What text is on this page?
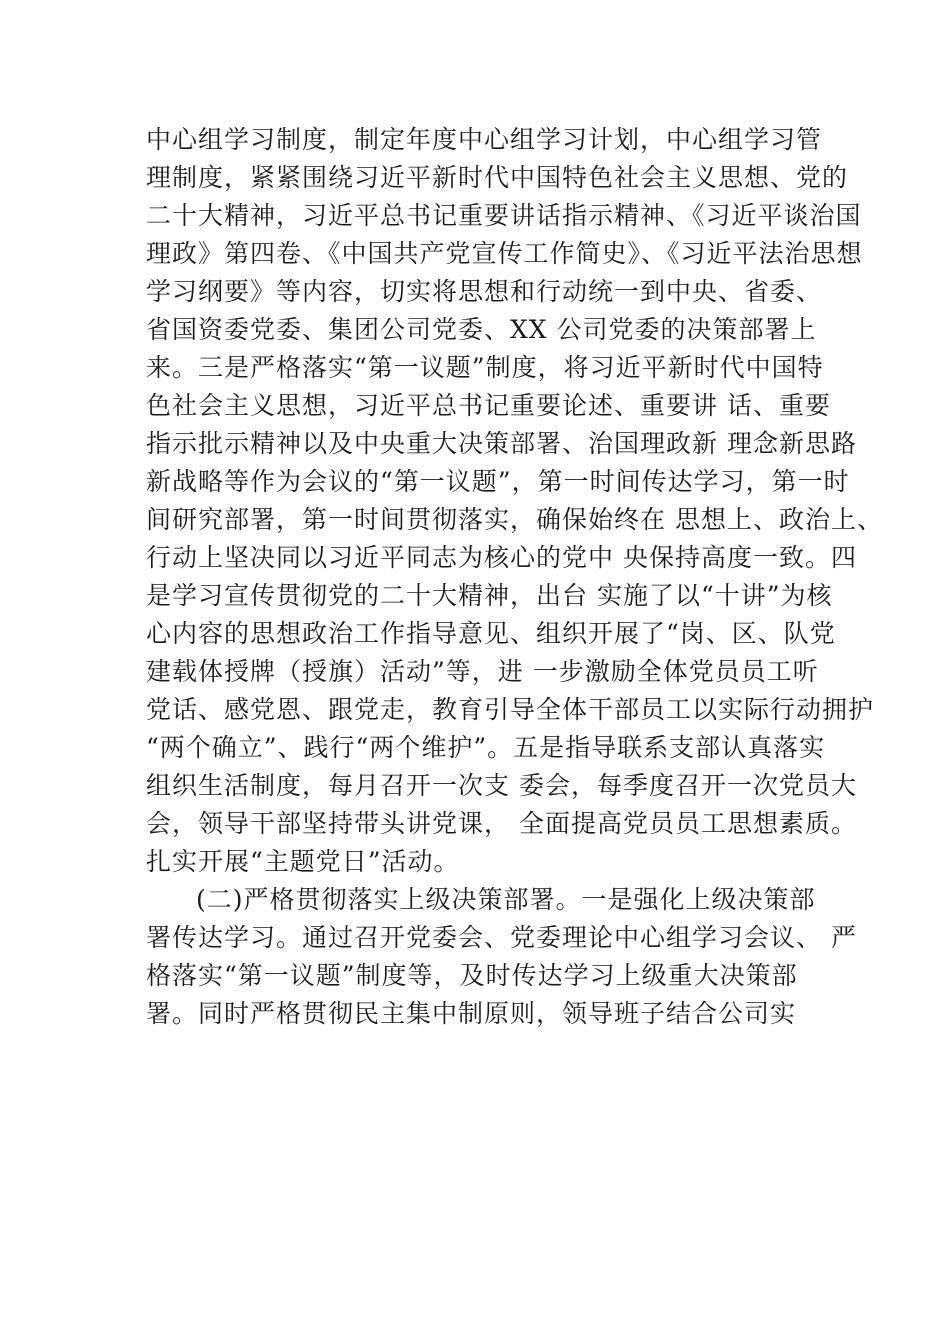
中心组学习制度，制定年度中心组学习计划，中心组学习管
理制度，紧紧围绕习近平新时代中国特色社会主义思想、党的
二十大精神，习近平总书记重要讲话指示精神、《习近平谈治国
理政》第四卷、《中国共产党宣传工作简史》、《习近平法治思想
学习纲要》等内容，切实将思想和行动统一到中央、省委、
省国资委党委、集团公司党委、XX 公司党委的决策部署上
来。三是严格落实“第一议题”制度，将习近平新时代中国特
色社会主义思想，习近平总书记重要论述、重要讲 话、重要
指示批示精神以及中央重大决策部署、治国理政新 理念新思路
新战略等作为会议的“第一议题”，第一时间传达学习，第一时
间研究部署，第一时间贯彻落实，确保始终在 思想上、政治上、
行动上坚决同以习近平同志为核心的党中 央保持高度一致。四
是学习宣传贯彻党的二十大精神，出台 实施了以“十讲”为核
心内容的思想政治工作指导意见、组织开展了“岗、区、队党
建载体授牌（授旗）活动”等，进 一步激励全体党员员工听
党话、感党恩、跟党走，教育引导全体干部员工以实际行动拥护
“两个确立”、践行“两个维护”。五是指导联系支部认真落实
组织生活制度，每月召开一次支 委会，每季度召开一次党员大
会，领导干部坚持带头讲党课， 全面提高党员员工思想素质。
扎实开展“主题党日”活动。
(二)严格贯彻落实上级决策部署。一是强化上级决策部
署传达学习。通过召开党委会、党委理论中心组学习会议、 严
格落实“第一议题”制度等，及时传达学习上级重大决策部
署。同时严格贯彻民主集中制原则，领导班子结合公司实
